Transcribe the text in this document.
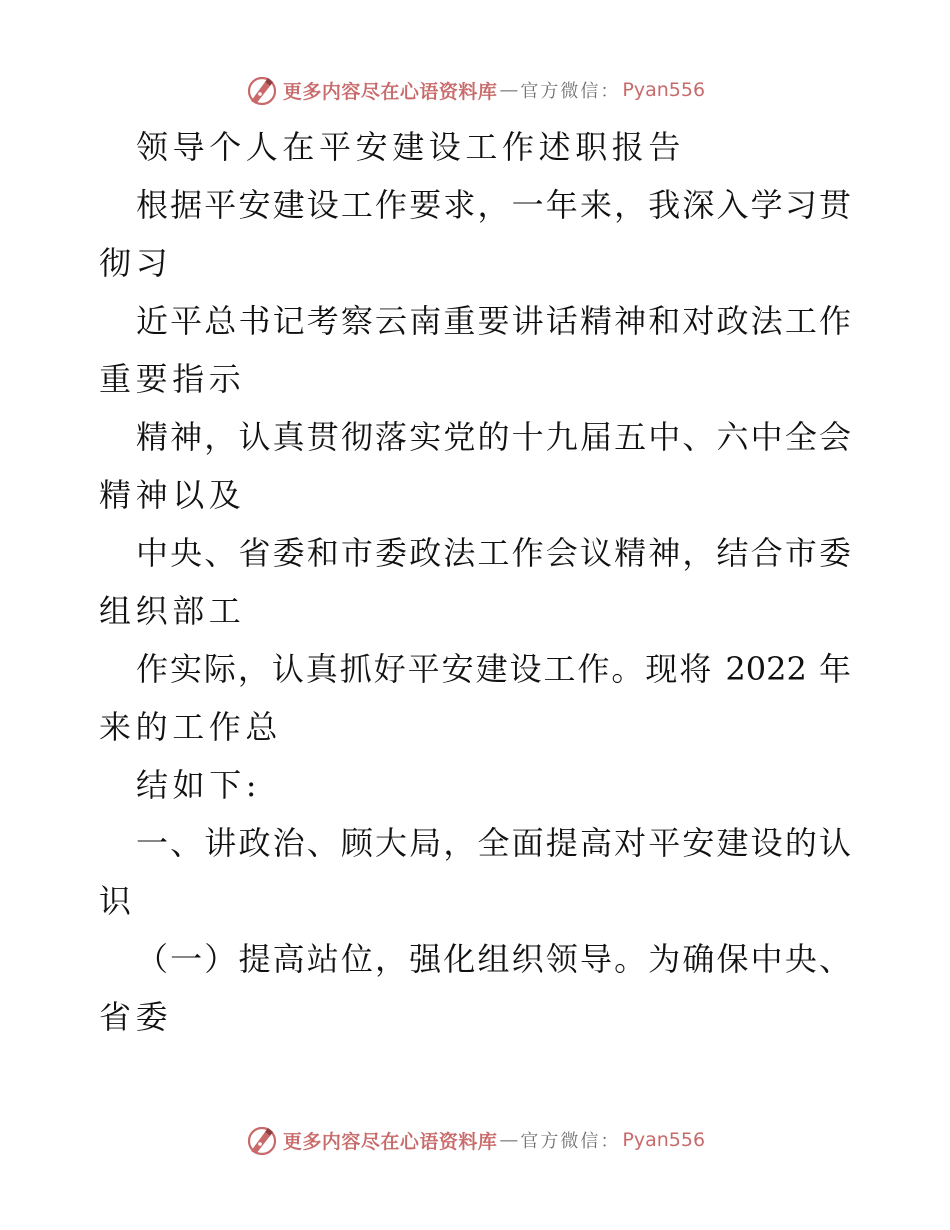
更多内容尽在心语资料库 — 官方微信： Pyan556
领导个人在平安建设工作述职报告
根据平安建设工作要求，一年来，我深入学习贯
彻习
近平总书记考察云南重要讲话精神和对政法工作
重要指示
精神，认真贯彻落实党的十九届五中、六中全会
精神以及
中央、省委和市委政法工作会议精神，结合市委
组织部工
作实际，认真抓好平安建设工作。现将 2022 年
来的工作总
结如下:
一、讲政治、顾大局，全面提高对平安建设的认
识
（一）提高站位，强化组织领导。为确保中央、
省委
更多内容尽在心语资料库 — 官方微信： Pyan556
